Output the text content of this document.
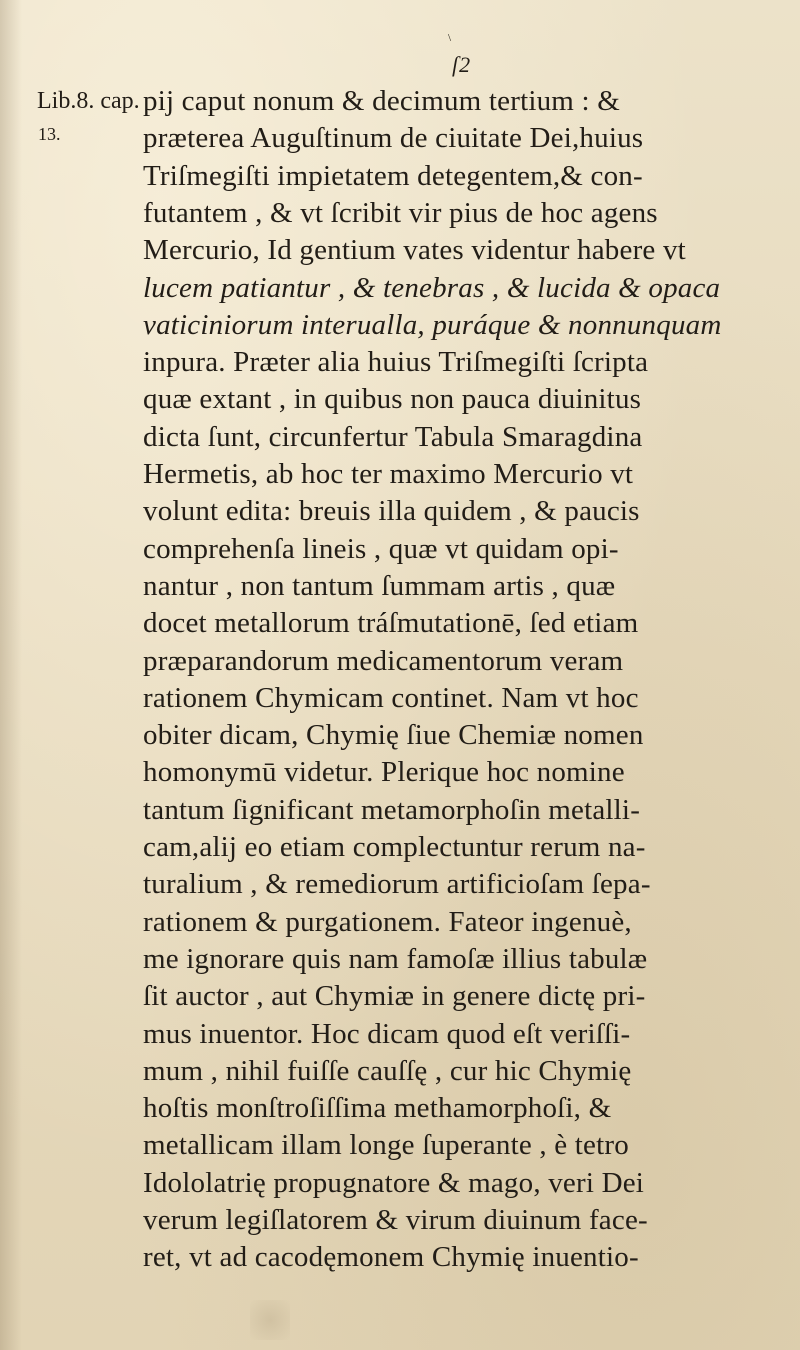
\
ſ2
Lib.8. cap.
13.
pij caput nonum & decimum tertium : &
præterea Auguſtinum de ciuitate Dei,huius
Triſmegiſti impietatem detegentem,& con-
futantem , & vt ſcribit vir pius de hoc agens
Mercurio, Id gentium vates videntur habere vt
lucem patiantur , & tenebras , & lucida & opaca
vaticiniorum interualla, puráque & nonnunquam
inpura. Præter alia huius Triſmegiſti ſcripta
quæ extant , in quibus non pauca diuinitus
dicta ſunt, circunfertur Tabula Smaragdina
Hermetis, ab hoc ter maximo Mercurio vt
volunt edita: breuis illa quidem , & paucis
comprehenſa lineis , quæ vt quidam opi-
nantur , non tantum ſummam artis , quæ
docet metallorum tráſmutationē, ſed etiam
præparandorum medicamentorum veram
rationem Chymicam continet. Nam vt hoc
obiter dicam, Chymię ſiue Chemiæ nomen
homonymū videtur. Plerique hoc nomine
tantum ſignificant metamorphoſin metalli-
cam,alij eo etiam complectuntur rerum na-
turalium , & remediorum artificioſam ſepa-
rationem & purgationem. Fateor ingenuè,
me ignorare quis nam famoſæ illius tabulæ
ſit auctor , aut Chymiæ in genere dictę pri-
mus inuentor. Hoc dicam quod eſt veriſſi-
mum , nihil fuiſſe cauſſę , cur hic Chymię
hoſtis monſtroſiſſima methamorphoſi, &
metallicam illam longe ſuperante , è tetro
Idololatrię propugnatore & mago, veri Dei
verum legiſlatorem & virum diuinum face-
ret, vt ad cacodęmonem Chymię inuentio-
